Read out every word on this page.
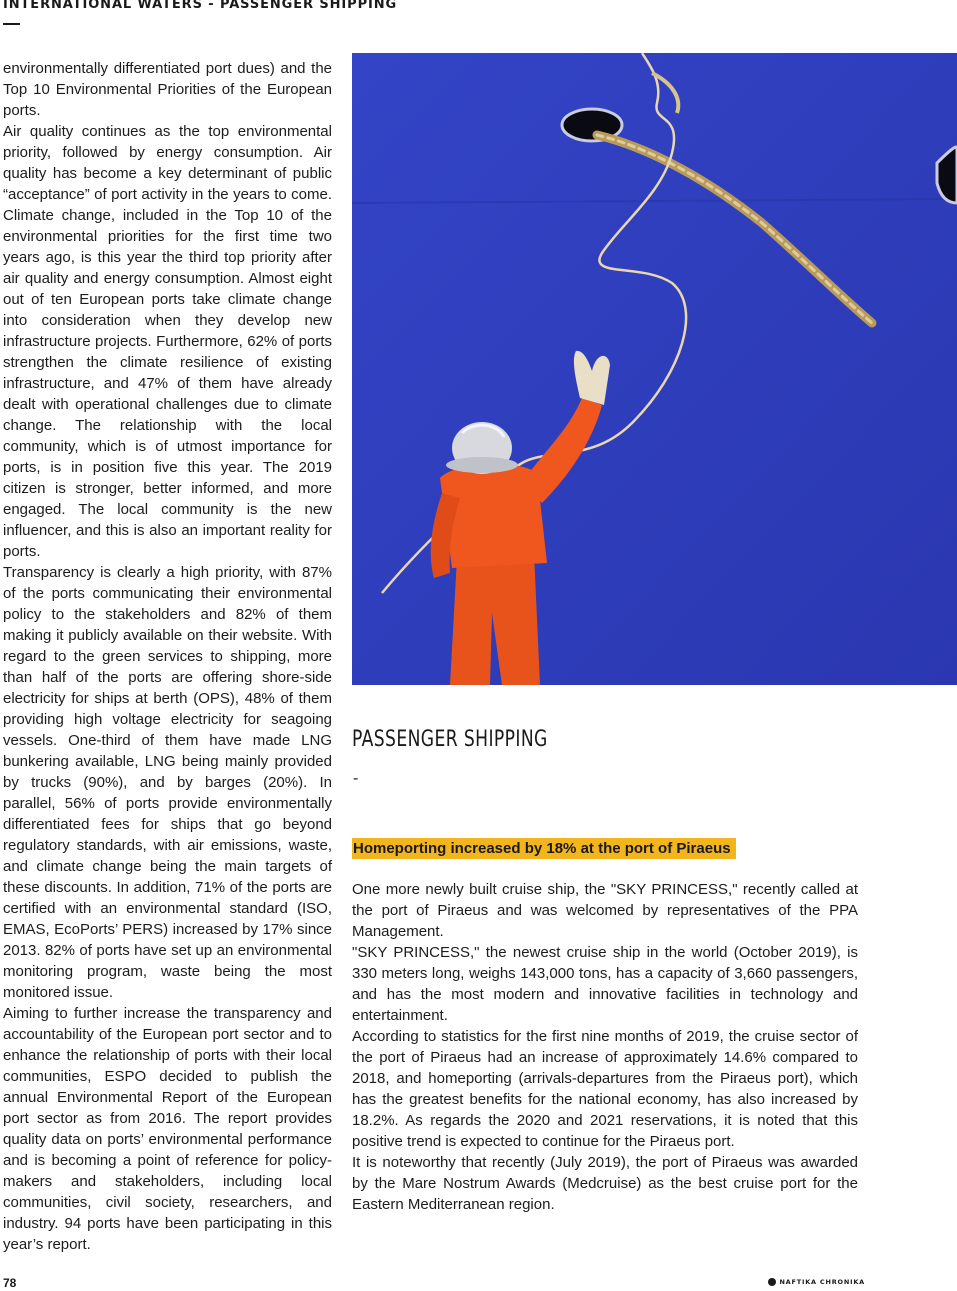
INTERNATIONAL WATERS - PASSENGER SHIPPING

environmentally differentiated port dues) and the Top 10 Environmental Priorities of the European ports.

Air quality continues as the top environmental priority, followed by energy consumption. Air quality has become a key determinant of public “acceptance” of port activity in the years to come. Climate change, included in the Top 10 of the environmental priorities for the first time two years ago, is this year the third top priority after air quality and energy consumption. Almost eight out of ten European ports take climate change into consideration when they develop new infrastructure projects. Furthermore, 62% of ports strengthen the climate resilience of existing infrastructure, and 47% of them have already dealt with operational challenges due to climate change. The relationship with the local community, which is of utmost importance for ports, is in position five this year. The 2019 citizen is stronger, better informed, and more engaged. The local community is the new influencer, and this is also an important reality for ports.

Transparency is clearly a high priority, with 87% of the ports communicating their environmental policy to the stakeholders and 82% of them making it publicly available on their website. With regard to the green services to shipping, more than half of the ports are offering shore-side electricity for ships at berth (OPS), 48% of them providing high voltage electricity for seagoing vessels. One-third of them have made LNG bunkering available, LNG being mainly provided by trucks (90%), and by barges (20%). In parallel, 56% of ports provide environmentally differentiated fees for ships that go beyond regulatory standards, with air emissions, waste, and climate change being the main targets of these discounts. In addition, 71% of the ports are certified with an environmental standard (ISO, EMAS, EcoPorts’ PERS) increased by 17% since 2013. 82% of ports have set up an environmental monitoring program, waste being the most monitored issue.

Aiming to further increase the transparency and accountability of the European port sector and to enhance the relationship of ports with their local communities, ESPO decided to publish the annual Environmental Report of the European port sector as from 2016. The report provides quality data on ports’ environmental performance and is becoming a point of reference for policy-makers and stakeholders, including local communities, civil society, researchers, and industry. 94 ports have been participating in this year’s report.

PASSENGER SHIPPING
-
Homeporting increased by 18% at the port of Piraeus

One more newly built cruise ship, the "SKY PRINCESS," recently called at the port of Piraeus and was welcomed by representatives of the PPA Management.

"SKY PRINCESS," the newest cruise ship in the world (October 2019), is 330 meters long, weighs 143,000 tons, has a capacity of 3,660 passengers, and has the most modern and innovative facilities in technology and entertainment.

According to statistics for the first nine months of 2019, the cruise sector of the port of Piraeus had an increase of approximately 14.6% compared to 2018, and homeporting (arrivals-departures from the Piraeus port), which has the greatest benefits for the national economy, has also increased by 18.2%. As regards the 2020 and 2021 reservations, it is noted that this positive trend is expected to continue for the Piraeus port.

It is noteworthy that recently (July 2019), the port of Piraeus was awarded by the Mare Nostrum Awards (Medcruise) as the best cruise port for the Eastern Mediterranean region.

78	NAFTIKA CHRONIKA
